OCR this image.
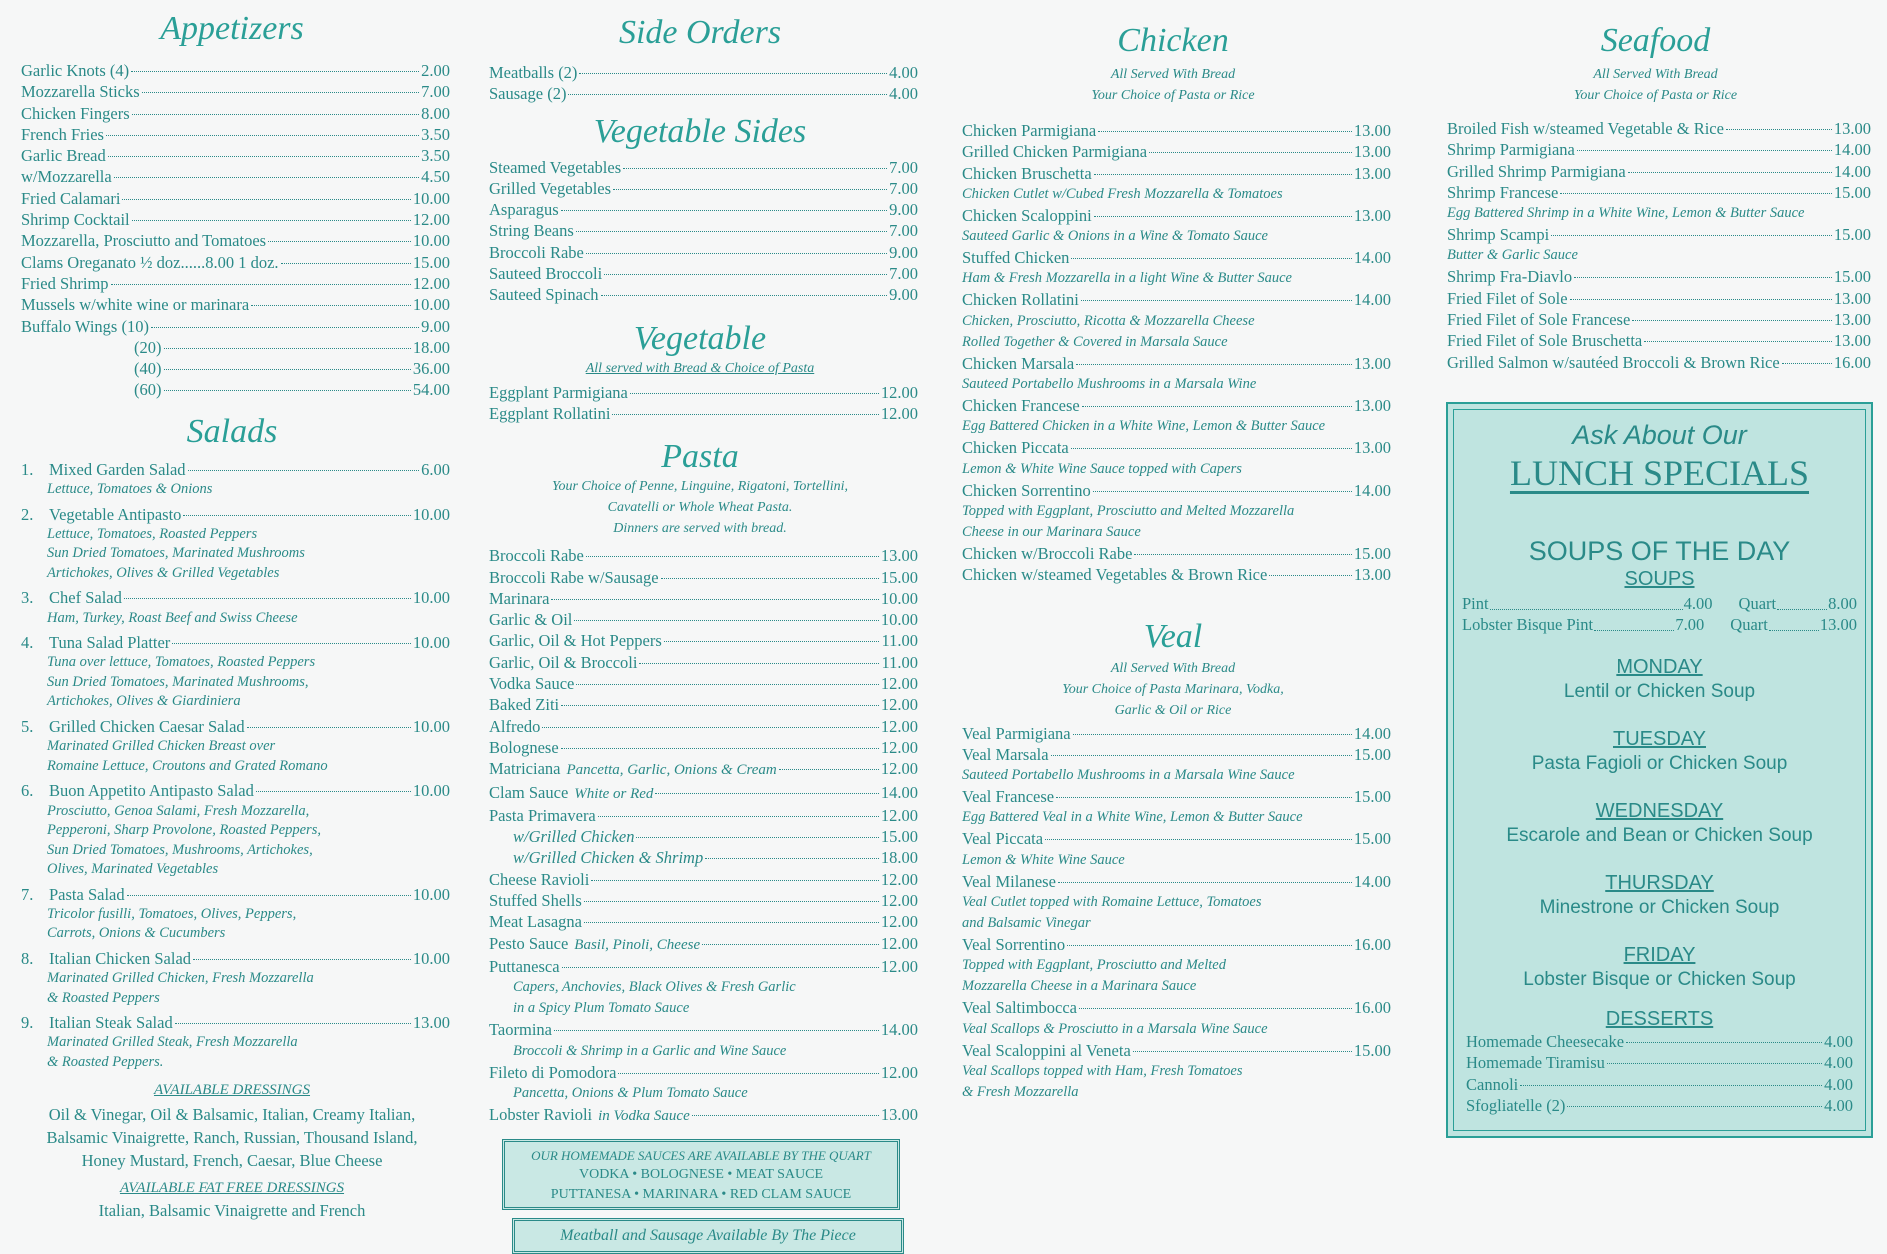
Appetizers
Garlic Knots (4)	2.00
Mozzarella Sticks	7.00
Chicken Fingers	8.00
French Fries	3.50
Garlic Bread	3.50
w/Mozzarella	4.50
Fried Calamari	10.00
Shrimp Cocktail	12.00
Mozzarella, Prosciutto and Tomatoes	10.00
Clams Oreganato ½ doz......8.00 1 doz.	15.00
Fried Shrimp	12.00
Mussels w/white wine or marinara	10.00
Buffalo Wings (10)	9.00
(20)	18.00
(40)	36.00
(60)	54.00
Salads
1. Mixed Garden Salad	6.00
Lettuce, Tomatoes & Onions
2. Vegetable Antipasto	10.00
Lettuce, Tomatoes, Roasted Peppers
Sun Dried Tomatoes, Marinated Mushrooms
Artichokes, Olives & Grilled Vegetables
3. Chef Salad	10.00
Ham, Turkey, Roast Beef and Swiss Cheese
4. Tuna Salad Platter	10.00
Tuna over lettuce, Tomatoes, Roasted Peppers
Sun Dried Tomatoes, Marinated Mushrooms,
Artichokes, Olives & Giardiniera
5. Grilled Chicken Caesar Salad	10.00
Marinated Grilled Chicken Breast over
Romaine Lettuce, Croutons and Grated Romano
6. Buon Appetito Antipasto Salad	10.00
Prosciutto, Genoa Salami, Fresh Mozzarella,
Pepperoni, Sharp Provolone, Roasted Peppers,
Sun Dried Tomatoes, Mushrooms, Artichokes,
Olives, Marinated Vegetables
7. Pasta Salad	10.00
Tricolor fusilli, Tomatoes, Olives, Peppers,
Carrots, Onions & Cucumbers
8. Italian Chicken Salad	10.00
Marinated Grilled Chicken, Fresh Mozzarella
& Roasted Peppers
9. Italian Steak Salad	13.00
Marinated Grilled Steak, Fresh Mozzarella
& Roasted Peppers.
AVAILABLE DRESSINGS
Oil & Vinegar, Oil & Balsamic, Italian, Creamy Italian,
Balsamic Vinaigrette, Ranch, Russian, Thousand Island,
Honey Mustard, French, Caesar, Blue Cheese
AVAILABLE FAT FREE DRESSINGS
Italian, Balsamic Vinaigrette and French
Side Orders
Meatballs (2)	4.00
Sausage (2)	4.00
Vegetable Sides
Steamed Vegetables	7.00
Grilled Vegetables	7.00
Asparagus	9.00
String Beans	7.00
Broccoli Rabe	9.00
Sauteed Broccoli	7.00
Sauteed Spinach	9.00
Vegetable
All served with Bread & Choice of Pasta
Eggplant Parmigiana	12.00
Eggplant Rollatini	12.00
Pasta
Your Choice of Penne, Linguine, Rigatoni, Tortellini,
Cavatelli or Whole Wheat Pasta.
Dinners are served with bread.
Broccoli Rabe	13.00
Broccoli Rabe w/Sausage	15.00
Marinara	10.00
Garlic & Oil	10.00
Garlic, Oil & Hot Peppers	11.00
Garlic, Oil & Broccoli	11.00
Vodka Sauce	12.00
Baked Ziti	12.00
Alfredo	12.00
Bolognese	12.00
Matriciana Pancetta, Garlic, Onions & Cream	12.00
Clam Sauce White or Red	14.00
Pasta Primavera	12.00
w/Grilled Chicken	15.00
w/Grilled Chicken & Shrimp	18.00
Cheese Ravioli	12.00
Stuffed Shells	12.00
Meat Lasagna	12.00
Pesto Sauce Basil, Pinoli, Cheese	12.00
Puttanesca	12.00
Capers, Anchovies, Black Olives & Fresh Garlic
in a Spicy Plum Tomato Sauce
Taormina	14.00
Broccoli & Shrimp in a Garlic and Wine Sauce
Fileto di Pomodora	12.00
Pancetta, Onions & Plum Tomato Sauce
Lobster Ravioli in Vodka Sauce	13.00
OUR HOMEMADE SAUCES ARE AVAILABLE BY THE QUART
VODKA • BOLOGNESE • MEAT SAUCE
PUTTANESA • MARINARA • RED CLAM SAUCE
Meatball and Sausage Available By The Piece
Chicken
All Served With Bread
Your Choice of Pasta or Rice
Chicken Parmigiana	13.00
Grilled Chicken Parmigiana	13.00
Chicken Bruschetta	13.00
Chicken Cutlet w/Cubed Fresh Mozzarella & Tomatoes
Chicken Scaloppini	13.00
Sauteed Garlic & Onions in a Wine & Tomato Sauce
Stuffed Chicken	14.00
Ham & Fresh Mozzarella in a light Wine & Butter Sauce
Chicken Rollatini	14.00
Chicken, Prosciutto, Ricotta & Mozzarella Cheese
Rolled Together & Covered in Marsala Sauce
Chicken Marsala	13.00
Sauteed Portabello Mushrooms in a Marsala Wine
Chicken Francese	13.00
Egg Battered Chicken in a White Wine, Lemon & Butter Sauce
Chicken Piccata	13.00
Lemon & White Wine Sauce topped with Capers
Chicken Sorrentino	14.00
Topped with Eggplant, Prosciutto and Melted Mozzarella
Cheese in our Marinara Sauce
Chicken w/Broccoli Rabe	15.00
Chicken w/steamed Vegetables & Brown Rice	13.00
Veal
All Served With Bread
Your Choice of Pasta Marinara, Vodka,
Garlic & Oil or Rice
Veal Parmigiana	14.00
Veal Marsala	15.00
Sauteed Portabello Mushrooms in a Marsala Wine Sauce
Veal Francese	15.00
Egg Battered Veal in a White Wine, Lemon & Butter Sauce
Veal Piccata	15.00
Lemon & White Wine Sauce
Veal Milanese	14.00
Veal Cutlet topped with Romaine Lettuce, Tomatoes
and Balsamic Vinegar
Veal Sorrentino	16.00
Topped with Eggplant, Prosciutto and Melted
Mozzarella Cheese in a Marinara Sauce
Veal Saltimbocca	16.00
Veal Scallops & Prosciutto in a Marsala Wine Sauce
Veal Scaloppini al Veneta	15.00
Veal Scallops topped with Ham, Fresh Tomatoes
& Fresh Mozzarella
Seafood
All Served With Bread
Your Choice of Pasta or Rice
Broiled Fish w/steamed Vegetable & Rice	13.00
Shrimp Parmigiana	14.00
Grilled Shrimp Parmigiana	14.00
Shrimp Francese	15.00
Egg Battered Shrimp in a White Wine, Lemon & Butter Sauce
Shrimp Scampi	15.00
Butter & Garlic Sauce
Shrimp Fra-Diavlo	15.00
Fried Filet of Sole	13.00
Fried Filet of Sole Francese	13.00
Fried Filet of Sole Bruschetta	13.00
Grilled Salmon w/sautéed Broccoli & Brown Rice	16.00
Ask About Our
LUNCH SPECIALS
SOUPS OF THE DAY
SOUPS
Pint	4.00 Quart	8.00
Lobster Bisque Pint	7.00 Quart	13.00
MONDAY
Lentil or Chicken Soup
TUESDAY
Pasta Fagioli or Chicken Soup
WEDNESDAY
Escarole and Bean or Chicken Soup
THURSDAY
Minestrone or Chicken Soup
FRIDAY
Lobster Bisque or Chicken Soup
DESSERTS
Homemade Cheesecake	4.00
Homemade Tiramisu	4.00
Cannoli	4.00
Sfogliatelle (2)	4.00
